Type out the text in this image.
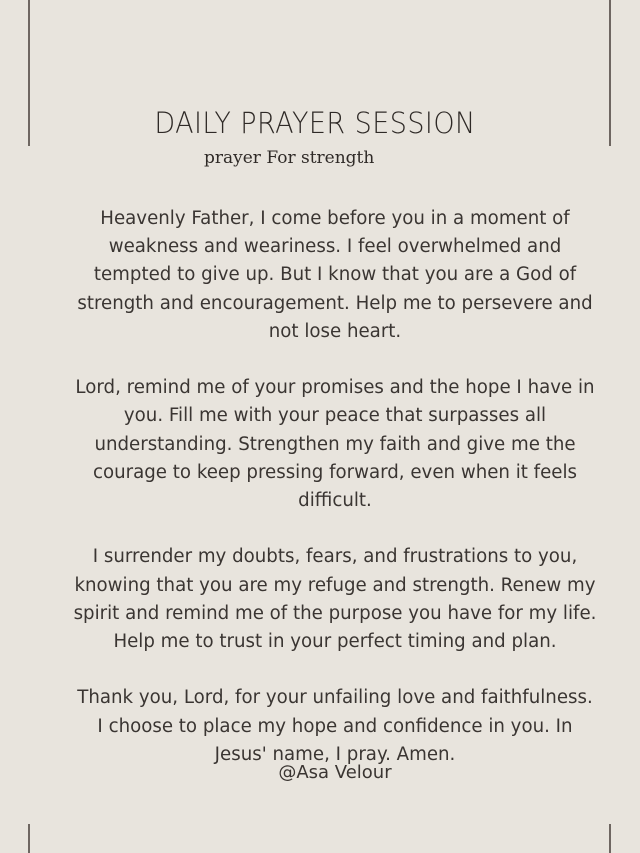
DAILY PRAYER SESSION
prayer For strength

Heavenly Father, I come before you in a moment of
weakness and weariness. I feel overwhelmed and
tempted to give up. But I know that you are a God of
strength and encouragement. Help me to persevere and
not lose heart.

Lord, remind me of your promises and the hope I have in
you. Fill me with your peace that surpasses all
understanding. Strengthen my faith and give me the
courage to keep pressing forward, even when it feels
difficult.

I surrender my doubts, fears, and frustrations to you,
knowing that you are my refuge and strength. Renew my
spirit and remind me of the purpose you have for my life.
Help me to trust in your perfect timing and plan.

Thank you, Lord, for your unfailing love and faithfulness.
I choose to place my hope and confidence in you. In
Jesus' name, I pray. Amen.

@Asa Velour
